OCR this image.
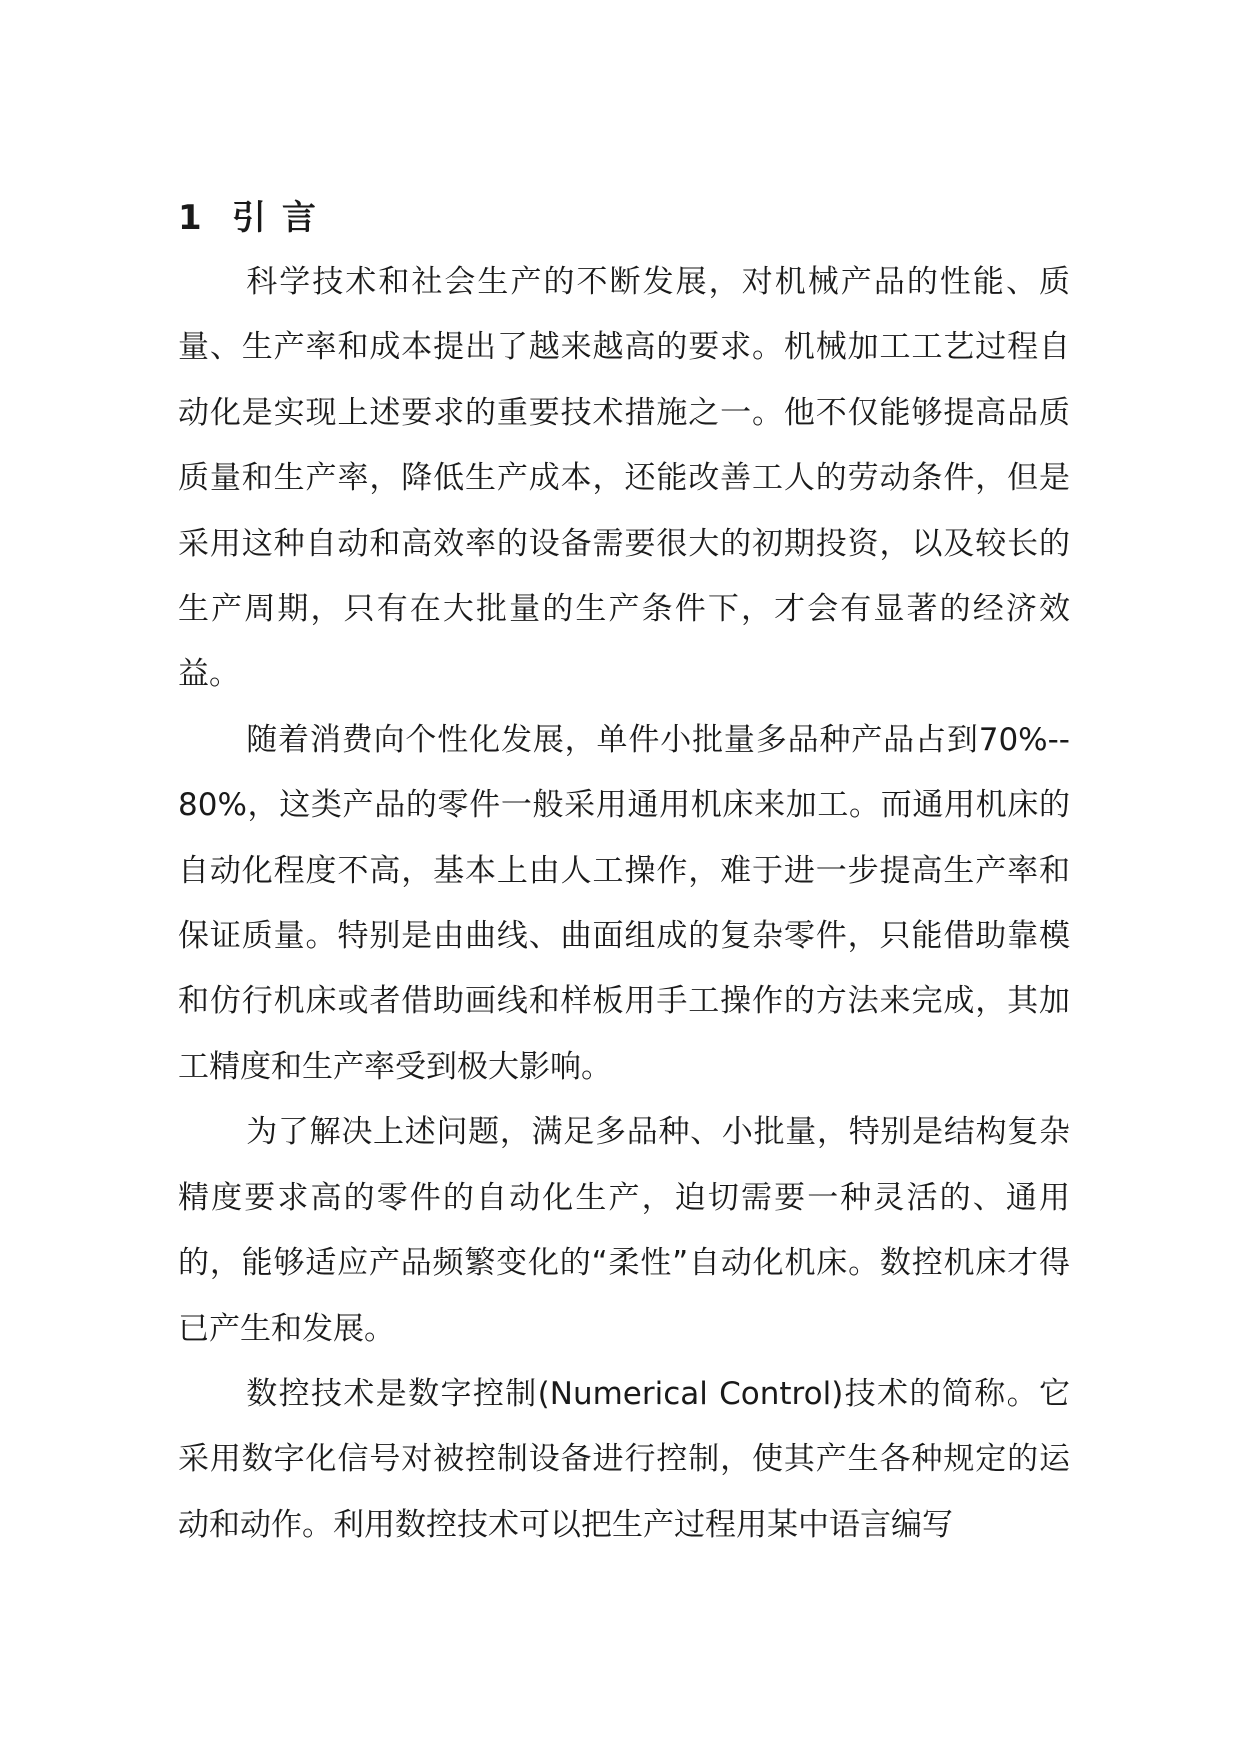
1 引 言

科学技术和社会生产的不断发展，对机械产品的性能、质量、生产率和成本提出了越来越高的要求。机械加工工艺过程自动化是实现上述要求的重要技术措施之一。他不仅能够提高品质质量和生产率，降低生产成本，还能改善工人的劳动条件，但是采用这种自动和高效率的设备需要很大的初期投资，以及较长的生产周期，只有在大批量的生产条件下，才会有显著的经济效益。

随着消费向个性化发展，单件小批量多品种产品占到70%--80%，这类产品的零件一般采用通用机床来加工。而通用机床的自动化程度不高，基本上由人工操作，难于进一步提高生产率和保证质量。特别是由曲线、曲面组成的复杂零件，只能借助靠模和仿行机床或者借助画线和样板用手工操作的方法来完成，其加工精度和生产率受到极大影响。

为了解决上述问题，满足多品种、小批量，特别是结构复杂精度要求高的零件的自动化生产，迫切需要一种灵活的、通用的，能够适应产品频繁变化的“柔性”自动化机床。数控机床才得已产生和发展。

数控技术是数字控制(Numerical Control)技术的简称。它采用数字化信号对被控制设备进行控制，使其产生各种规定的运动和动作。利用数控技术可以把生产过程用某中语言编写
